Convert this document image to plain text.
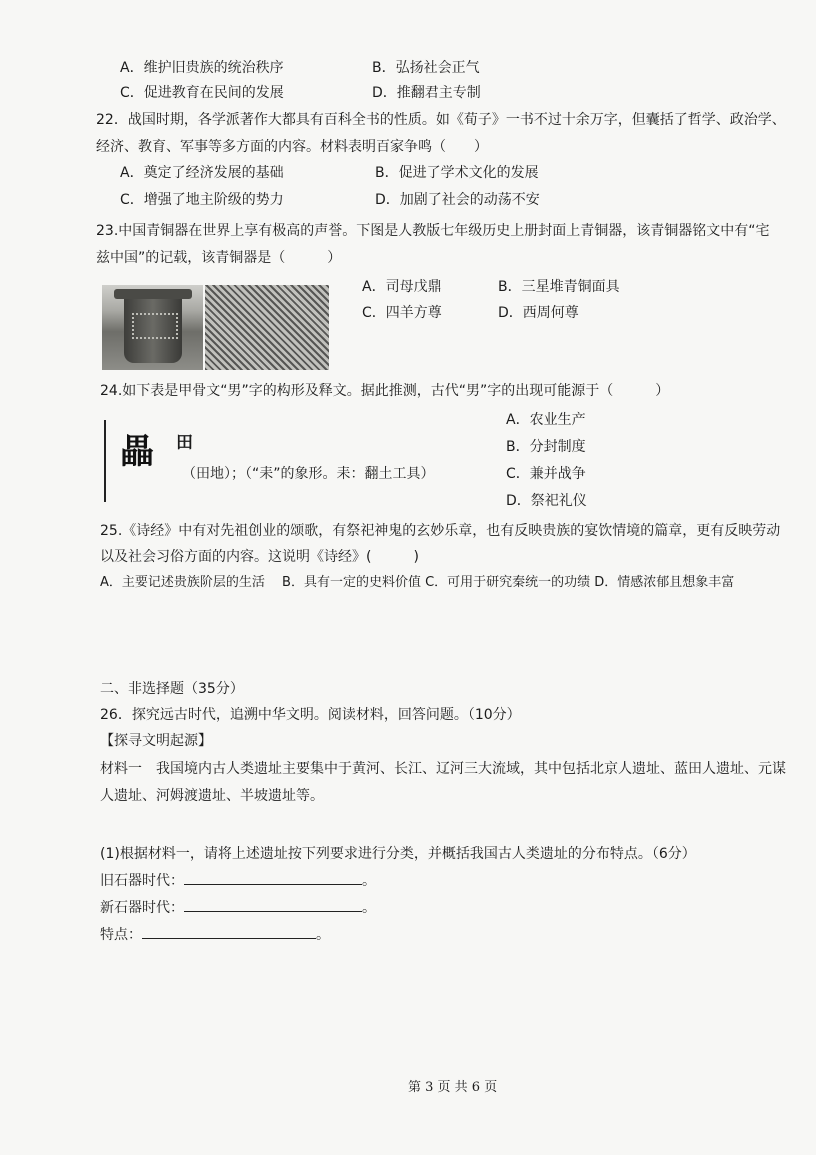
A．维护旧贵族的统治秩序	B．弘扬社会正气
C．促进教育在民间的发展	D．推翻君主专制
22．战国时期，各学派著作大都具有百科全书的性质。如《荀子》一书不过十余万字，但囊括了哲学、政治学、
经济、教育、军事等多方面的内容。材料表明百家争鸣（　　）
A．奠定了经济发展的基础	B．促进了学术文化的发展
C．增强了地主阶级的势力	D．加剧了社会的动荡不安
23.中国青铜器在世界上享有极高的声誉。下图是人教版七年级历史上册封面上青铜器，该青铜器铭文中有“宅
兹中国”的记载，该青铜器是（　　　）
A．司母戊鼎	B．三星堆青铜面具
C．四羊方尊	D．西周何尊
24.如下表是甲骨文“男”字的构形及释文。据此推测，古代“男”字的出现可能源于（　　　）
畾 田
（田地）；（“耒”的象形。耒：翻土工具）
A．农业生产
B．分封制度
C．兼并战争
D．祭祀礼仪
25.《诗经》中有对先祖创业的颂歌，有祭祀神鬼的玄妙乐章，也有反映贵族的宴饮情境的篇章，更有反映劳动
以及社会习俗方面的内容。这说明《诗经》(　　　)
A．主要记述贵族阶层的生活　 B．具有一定的史料价值 C．可用于研究秦统一的功绩 D．情感浓郁且想象丰富
二、非选择题（35分）
26．探究远古时代，追溯中华文明。阅读材料，回答问题。（10分）
【探寻文明起源】
材料一　我国境内古人类遗址主要集中于黄河、长江、辽河三大流域，其中包括北京人遗址、蓝田人遗址、元谋
人遗址、河姆渡遗址、半坡遗址等。
(1)根据材料一，请将上述遗址按下列要求进行分类，并概括我国古人类遗址的分布特点。（6分）
旧石器时代：	。
新石器时代：	。
特点：	。
第 3 页 共 6 页
